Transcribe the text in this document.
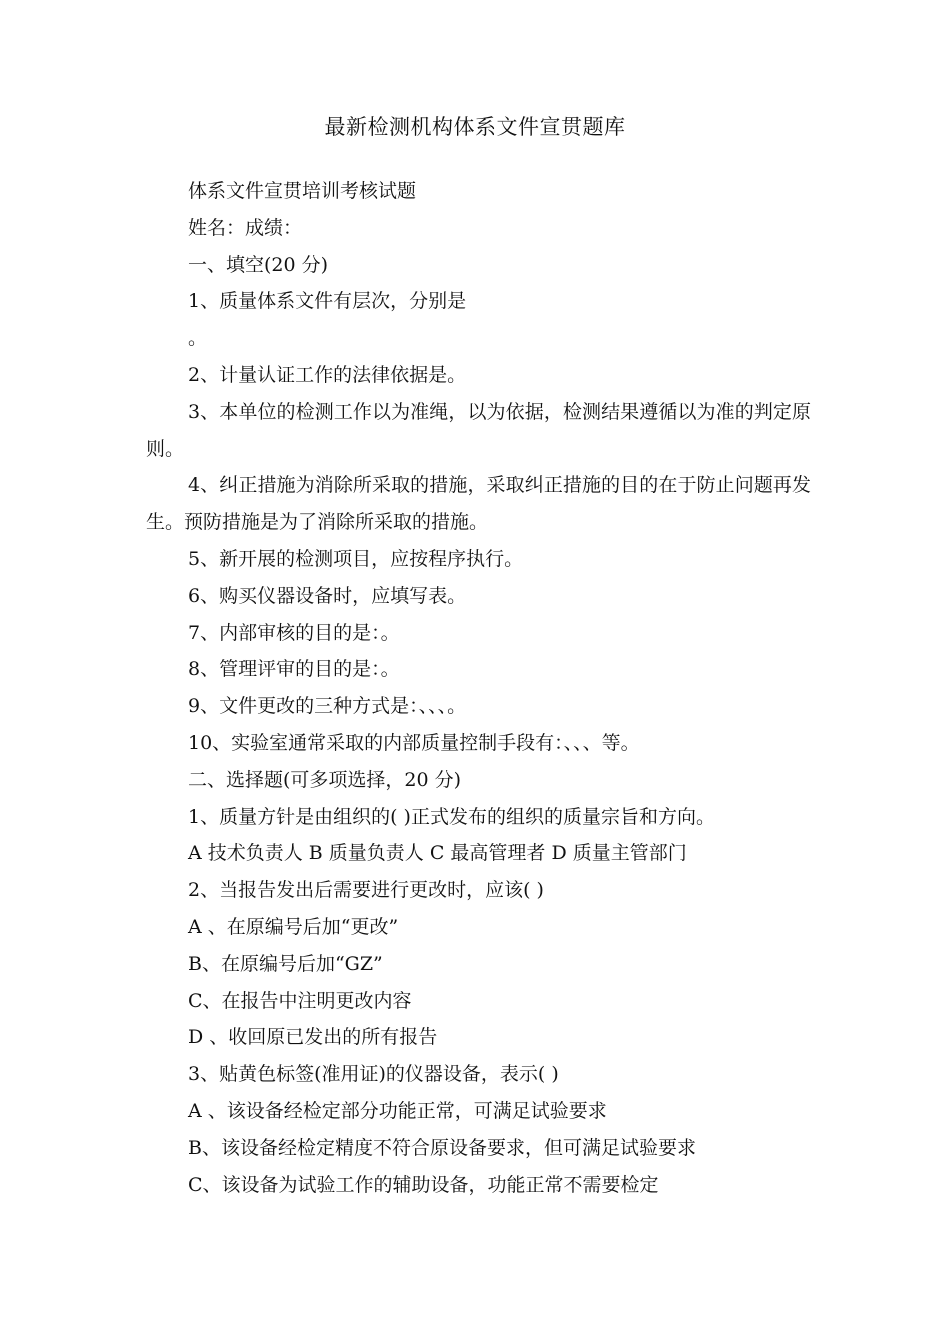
最新检测机构体系文件宣贯题库

体系文件宣贯培训考核试题

姓名：成绩：

一、填空(20 分)

1、质量体系文件有层次，分别是

。

2、计量认证工作的法律依据是。

3、本单位的检测工作以为准绳，以为依据，检测结果遵循以为准的判定原则。

4、纠正措施为消除所采取的措施，采取纠正措施的目的在于防止问题再发生。预防措施是为了消除所采取的措施。

5、新开展的检测项目，应按程序执行。

6、购买仪器设备时，应填写表。

7、内部审核的目的是：。

8、管理评审的目的是：。

9、文件更改的三种方式是：、、、。

10、实验室通常采取的内部质量控制手段有：、、、等。

二、选择题(可多项选择，20 分)

1、质量方针是由组织的( )正式发布的组织的质量宗旨和方向。

A 技术负责人 B 质量负责人 C 最高管理者 D 质量主管部门

2、当报告发出后需要进行更改时，应该( )

A 、在原编号后加“更改”

B、在原编号后加“GZ”

C、在报告中注明更改内容

D 、收回原已发出的所有报告

3、贴黄色标签(准用证)的仪器设备，表示( )

A 、该设备经检定部分功能正常，可满足试验要求

B、该设备经检定精度不符合原设备要求，但可满足试验要求

C、该设备为试验工作的辅助设备，功能正常不需要检定
